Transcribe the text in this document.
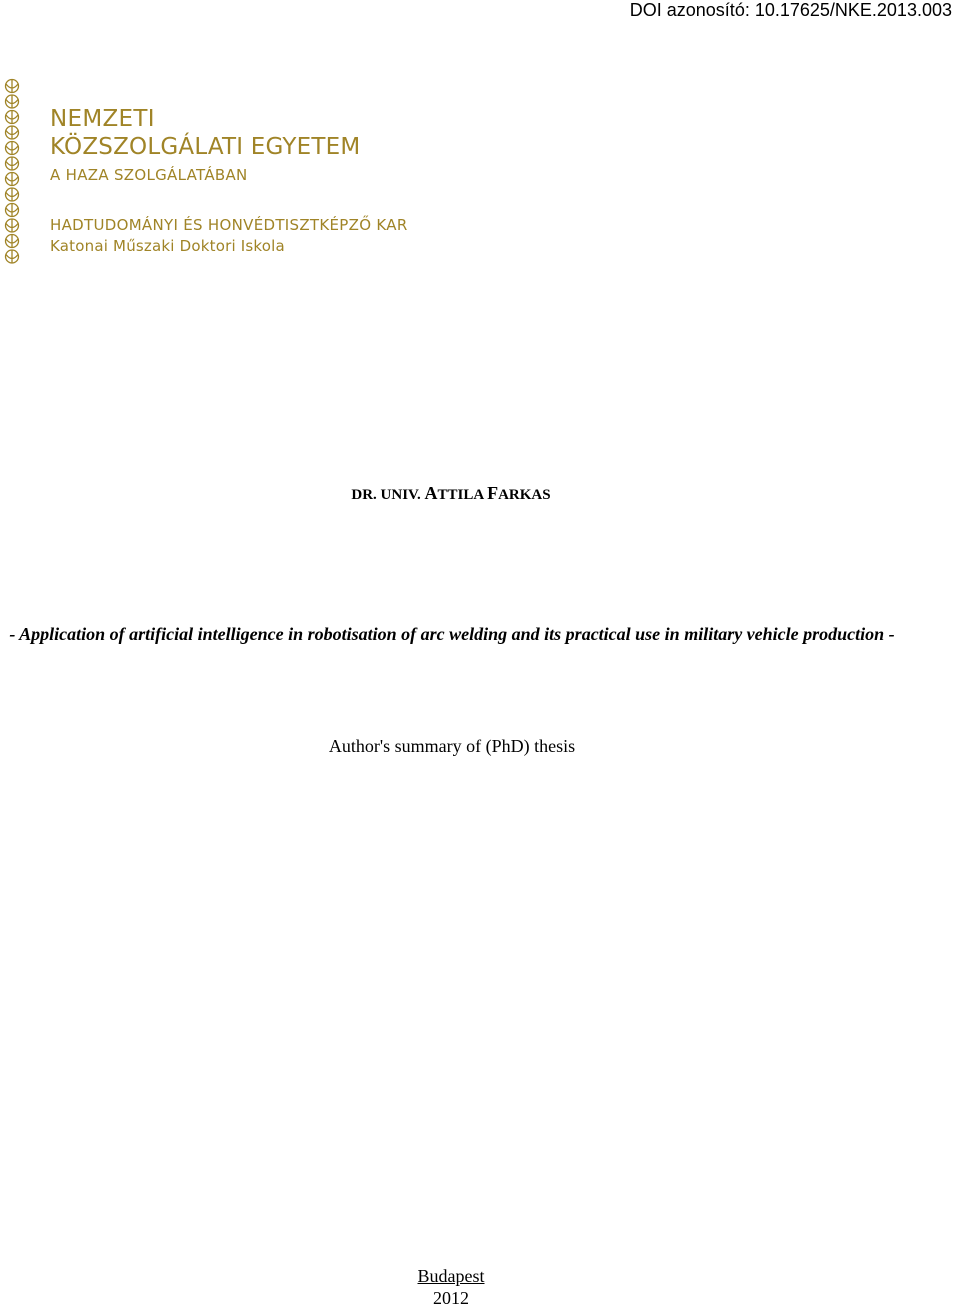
DOI azonosító: 10.17625/NKE.2013.003
NEMZETI
KÖZSZOLGÁLATI EGYETEM
A HAZA SZOLGÁLATÁBAN
HADTUDOMÁNYI ÉS HONVÉDTISZTKÉPZŐ KAR
Katonai Műszaki Doktori Iskola
DR. UNIV. ATTILA FARKAS

- Application of artificial intelligence in robotisation of arc welding and its practical use in military vehicle production -

Author's summary of (PhD) thesis
Budapest
2012
